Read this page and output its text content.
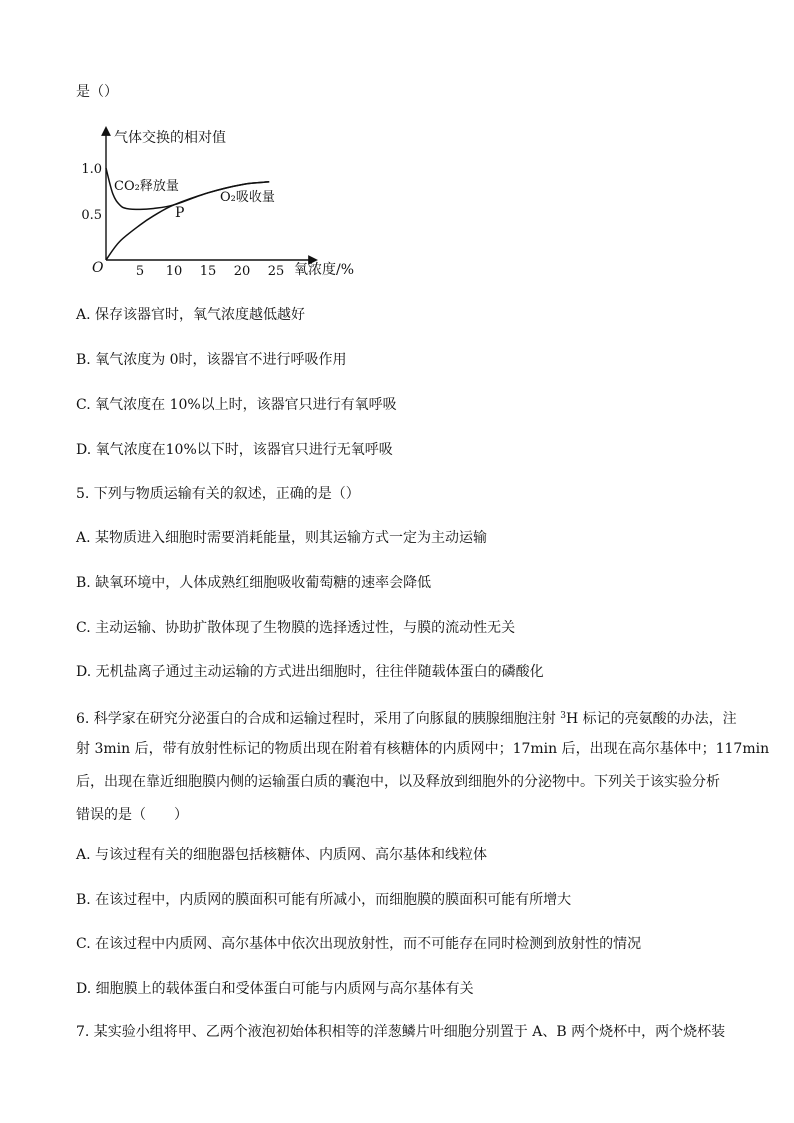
是（）
气体交换的相对值
氧浓度/%
O 5 10 15 20 25
0.5
1.0
CO₂释放量
O₂吸收量
P
A. 保存该器官时，氧气浓度越低越好
B. 氧气浓度为 0时，该器官不进行呼吸作用
C. 氧气浓度在 10%以上时，该器官只进行有氧呼吸
D. 氧气浓度在10%以下时，该器官只进行无氧呼吸
5. 下列与物质运输有关的叙述，正确的是（）
A. 某物质进入细胞时需要消耗能量，则其运输方式一定为主动运输
B. 缺氧环境中，人体成熟红细胞吸收葡萄糖的速率会降低
C. 主动运输、协助扩散体现了生物膜的选择透过性，与膜的流动性无关
D. 无机盐离子通过主动运输的方式进出细胞时，往往伴随载体蛋白的磷酸化
6. 科学家在研究分泌蛋白的合成和运输过程时，采用了向豚鼠的胰腺细胞注射 $^3$H 标记的亮氨酸的办法，注
射 3min 后，带有放射性标记的物质出现在附着有核糖体的内质网中；17min 后，出现在高尔基体中；117min
后，出现在靠近细胞膜内侧的运输蛋白质的囊泡中，以及释放到细胞外的分泌物中。下列关于该实验分析
错误的是（　　）
A. 与该过程有关的细胞器包括核糖体、内质网、高尔基体和线粒体
B. 在该过程中，内质网的膜面积可能有所减小，而细胞膜的膜面积可能有所增大
C. 在该过程中内质网、高尔基体中依次出现放射性，而不可能存在同时检测到放射性的情况
D. 细胞膜上的载体蛋白和受体蛋白可能与内质网与高尔基体有关
7. 某实验小组将甲、乙两个液泡初始体积相等的洋葱鳞片叶细胞分别置于 A、B 两个烧杯中，两个烧杯装
